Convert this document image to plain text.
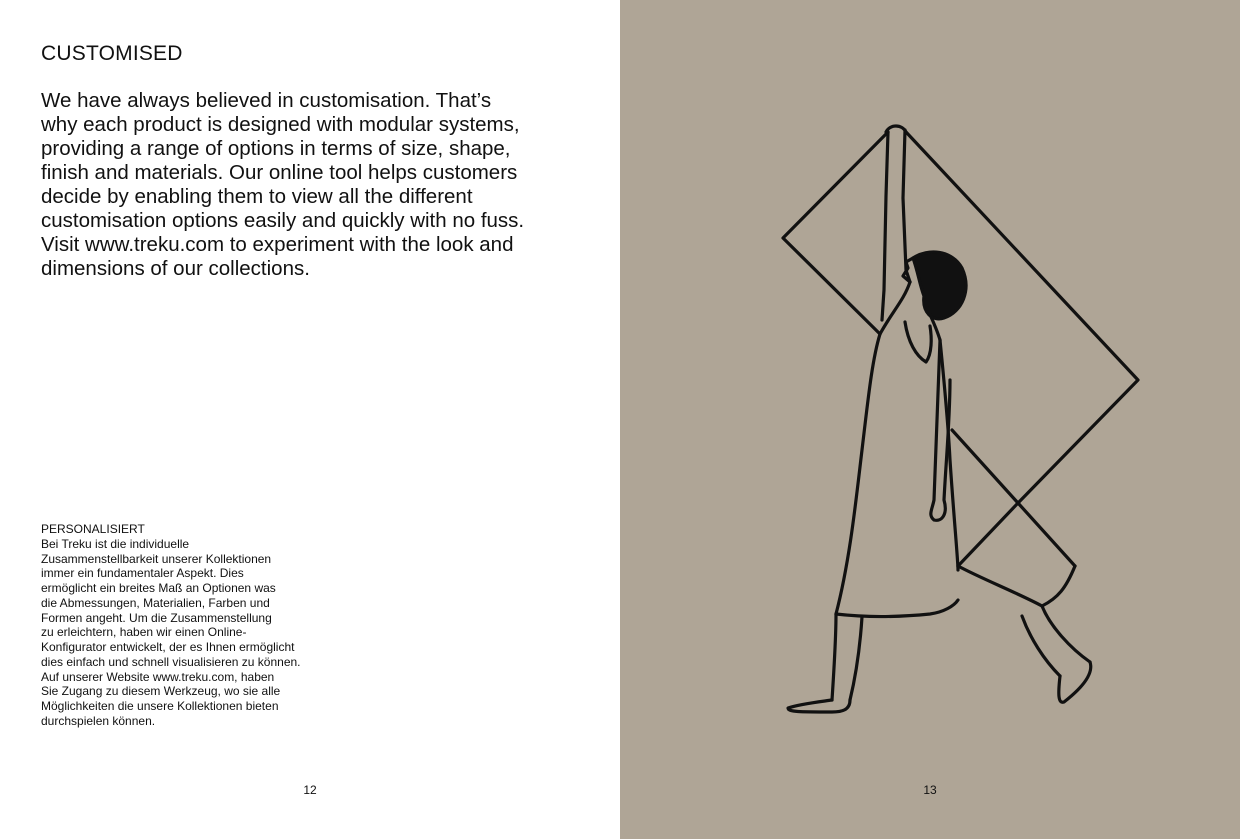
CUSTOMISED

We have always believed in customisation. That’s
why each product is designed with modular systems,
providing a range of options in terms of size, shape,
finish and materials. Our online tool helps customers
decide by enabling them to view all the different
customisation options easily and quickly with no fuss.
Visit www.treku.com to experiment with the look and
dimensions of our collections.

PERSONALISIERT
Bei Treku ist die individuelle
Zusammenstellbarkeit unserer Kollektionen
immer ein fundamentaler Aspekt. Dies
ermöglicht ein breites Maß an Optionen was
die Abmessungen, Materialien, Farben und
Formen angeht. Um die Zusammenstellung
zu erleichtern, haben wir einen Online-
Konfigurator entwickelt, der es Ihnen ermöglicht
dies einfach und schnell visualisieren zu können.
Auf unserer Website www.treku.com, haben
Sie Zugang zu diesem Werkzeug, wo sie alle
Möglichkeiten die unsere Kollektionen bieten
durchspielen können.
12	13
